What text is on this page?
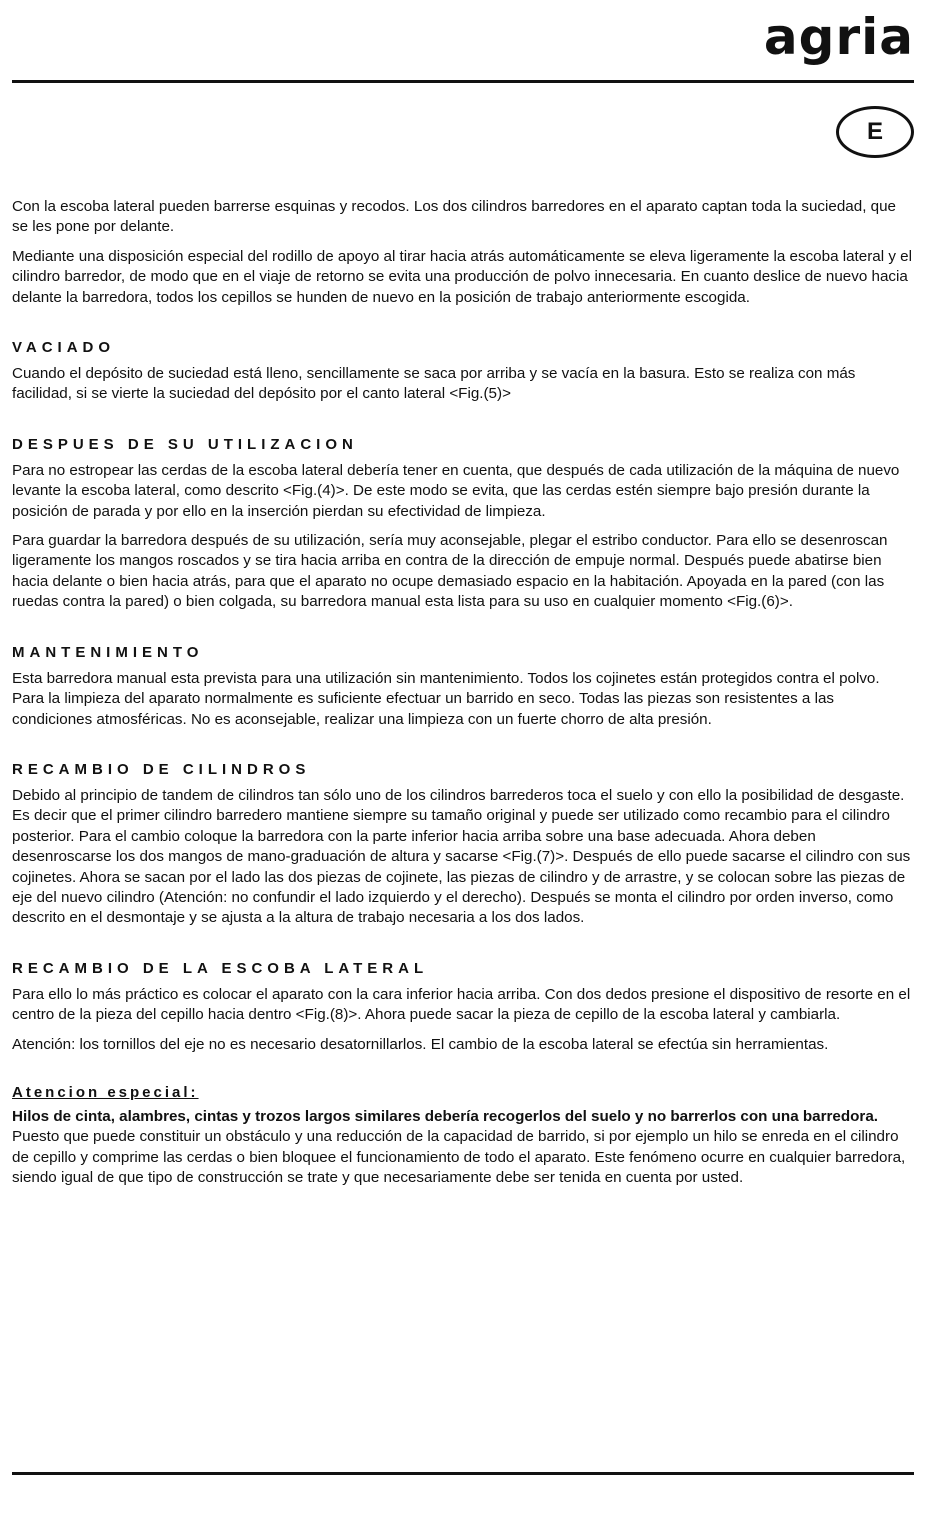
agria
E

Con la escoba lateral pueden barrerse esquinas y recodos. Los dos cilindros barredores en el aparato captan toda la suciedad, que se les pone por delante.

Mediante una disposición especial del rodillo de apoyo al tirar hacia atrás automáticamente se eleva ligeramente la escoba lateral y el cilindro barredor, de modo que en el viaje de retorno se evita una producción de polvo innecesaria. En cuanto deslice de nuevo hacia delante la barredora, todos los cepillos se hunden de nuevo en la posición de trabajo anteriormente escogida.

VACIADO

Cuando el depósito de suciedad está lleno, sencillamente se saca por arriba y se vacía en la basura. Esto se realiza con más facilidad, si se vierte la suciedad del depósito por el canto lateral <Fig.(5)>

DESPUES DE SU UTILIZACION

Para no estropear las cerdas de la escoba lateral debería tener en cuenta, que después de cada utilización de la máquina de nuevo levante la escoba lateral, como descrito <Fig.(4)>. De este modo se evita, que las cerdas estén siempre bajo presión durante la posición de parada y por ello en la inserción pierdan su efectividad de limpieza.

Para guardar la barredora después de su utilización, sería muy aconsejable, plegar el estribo conductor. Para ello se desenroscan ligeramente los mangos roscados y se tira hacia arriba en contra de la dirección de empuje normal. Después puede abatirse bien hacia delante o bien hacia atrás, para que el aparato no ocupe demasiado espacio en la habitación. Apoyada en la pared (con las ruedas contra la pared) o bien colgada, su barredora manual esta lista para su uso en cualquier momento <Fig.(6)>.

MANTENIMIENTO

Esta barredora manual esta prevista para una utilización sin mantenimiento. Todos los cojinetes están protegidos contra el polvo. Para la limpieza del aparato normalmente es suficiente efectuar un barrido en seco. Todas las piezas son resistentes a las condiciones atmosféricas. No es aconsejable, realizar una limpieza con un fuerte chorro de alta presión.

RECAMBIO DE CILINDROS

Debido al principio de tandem de cilindros tan sólo uno de los cilindros barrederos toca el suelo y con ello la posibilidad de desgaste. Es decir que el primer cilindro barredero mantiene siempre su tamaño original y puede ser utilizado como recambio para el cilindro posterior. Para el cambio coloque la barredora con la parte inferior hacia arriba sobre una base adecuada. Ahora deben desenroscarse los dos mangos de mano-graduación de altura y sacarse <Fig.(7)>. Después de ello puede sacarse el cilindro con sus cojinetes. Ahora se sacan por el lado las dos piezas de cojinete, las piezas de cilindro y de arrastre, y se colocan sobre las piezas de eje del nuevo cilindro (Atención: no confundir el lado izquierdo y el derecho). Después se monta el cilindro por orden inverso, como descrito en el desmontaje y se ajusta a la altura de trabajo necesaria a los dos lados.

RECAMBIO DE LA ESCOBA LATERAL

Para ello lo más práctico es colocar el aparato con la cara inferior hacia arriba. Con dos dedos presione el dispositivo de resorte en el centro de la pieza del cepillo hacia dentro <Fig.(8)>. Ahora puede sacar la pieza de cepillo de la escoba lateral y cambiarla.

Atención: los tornillos del eje no es necesario desatornillarlos. El cambio de la escoba lateral se efectúa sin herramientas.

Atencion especial:

Hilos de cinta, alambres, cintas y trozos largos similares debería recogerlos del suelo y no barrerlos con una barredora. Puesto que puede constituir un obstáculo y una reducción de la capacidad de barrido, si por ejemplo un hilo se enreda en el cilindro de cepillo y comprime las cerdas o bien bloquee el funcionamiento de todo el aparato. Este fenómeno ocurre en cualquier barredora, siendo igual de que tipo de construcción se trate y que necesariamente debe ser tenida en cuenta por usted.
